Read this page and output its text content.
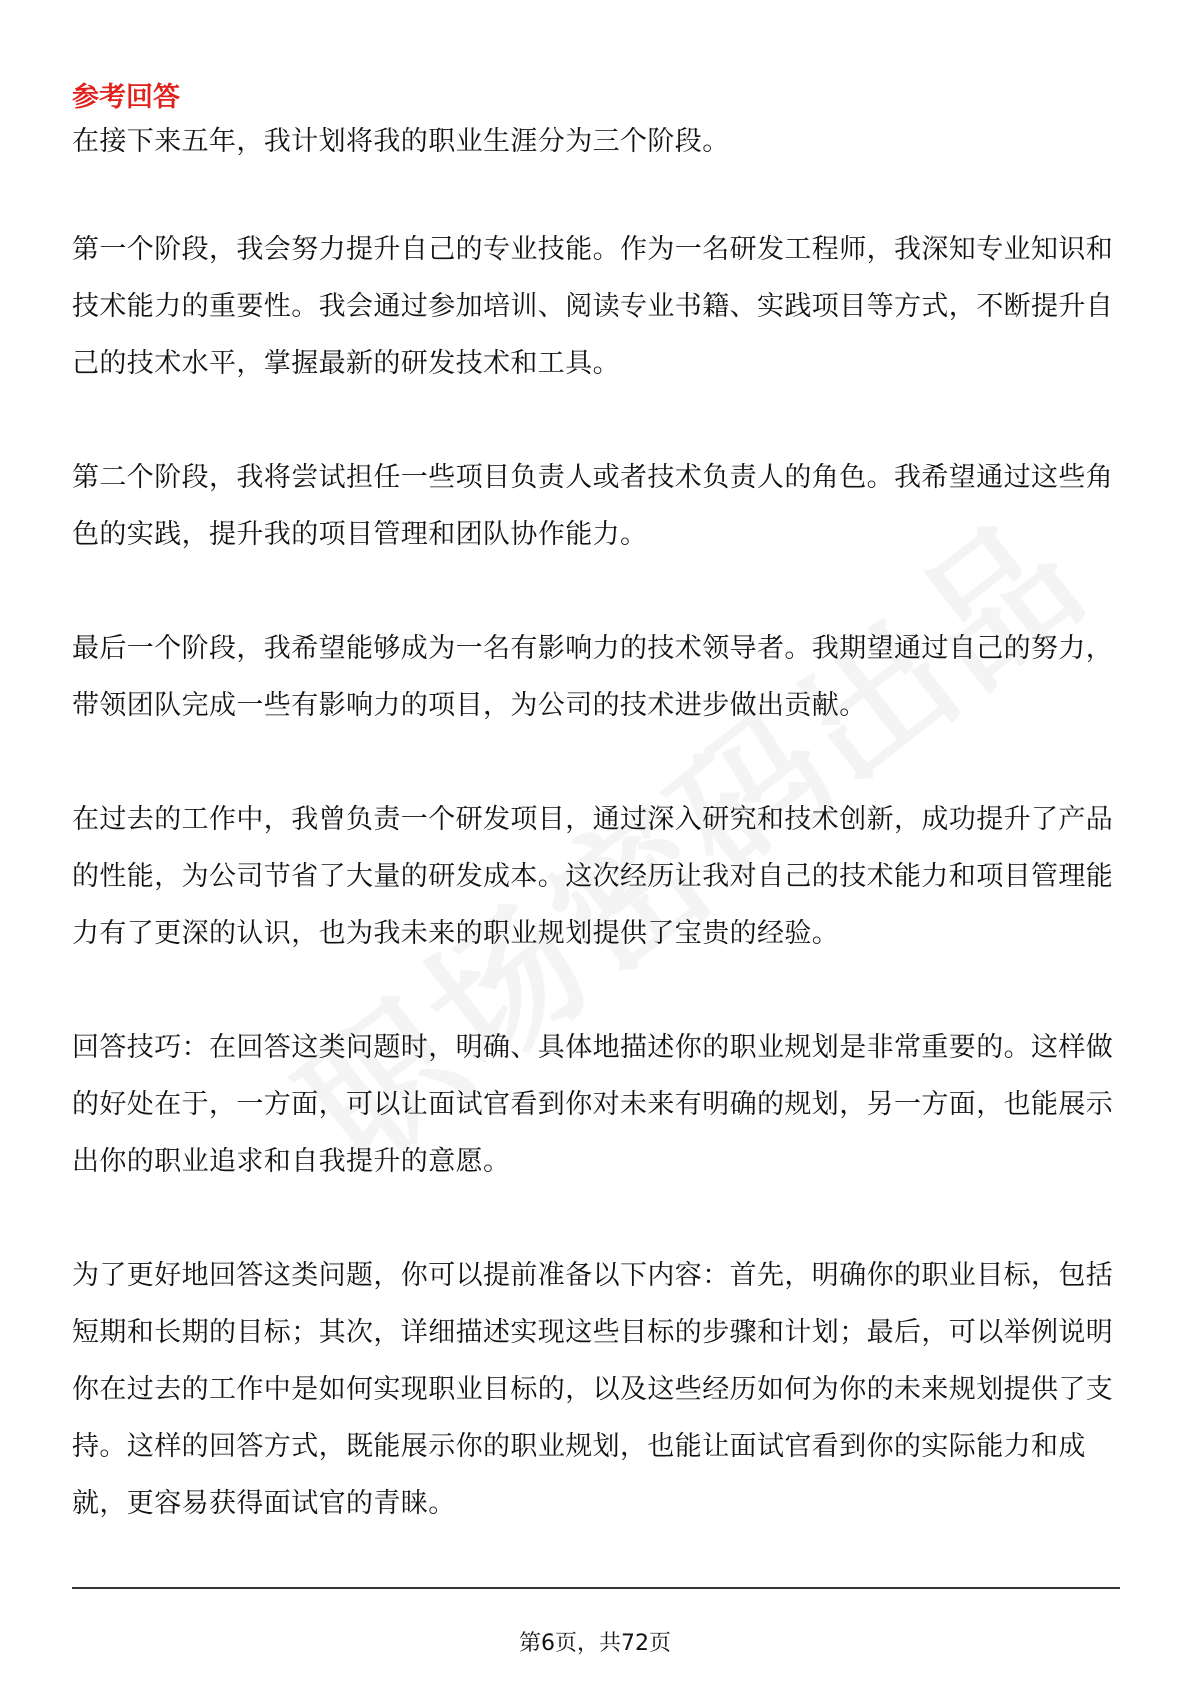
参考回答

在接下来五年，我计划将我的职业生涯分为三个阶段。

第一个阶段，我会努力提升自己的专业技能。作为一名研发工程师，我深知专业知识和技术能力的重要性。我会通过参加培训、阅读专业书籍、实践项目等方式，不断提升自己的技术水平，掌握最新的研发技术和工具。

第二个阶段，我将尝试担任一些项目负责人或者技术负责人的角色。我希望通过这些角色的实践，提升我的项目管理和团队协作能力。

最后一个阶段，我希望能够成为一名有影响力的技术领导者。我期望通过自己的努力，带领团队完成一些有影响力的项目，为公司的技术进步做出贡献。

在过去的工作中，我曾负责一个研发项目，通过深入研究和技术创新，成功提升了产品的性能，为公司节省了大量的研发成本。这次经历让我对自己的技术能力和项目管理能力有了更深的认识，也为我未来的职业规划提供了宝贵的经验。

回答技巧：在回答这类问题时，明确、具体地描述你的职业规划是非常重要的。这样做的好处在于，一方面，可以让面试官看到你对未来有明确的规划，另一方面，也能展示出你的职业追求和自我提升的意愿。

为了更好地回答这类问题，你可以提前准备以下内容：首先，明确你的职业目标，包括短期和长期的目标；其次，详细描述实现这些目标的步骤和计划；最后，可以举例说明你在过去的工作中是如何实现职业目标的，以及这些经历如何为你的未来规划提供了支持。这样的回答方式，既能展示你的职业规划，也能让面试官看到你的实际能力和成就，更容易获得面试官的青睐。

第6页，共72页
